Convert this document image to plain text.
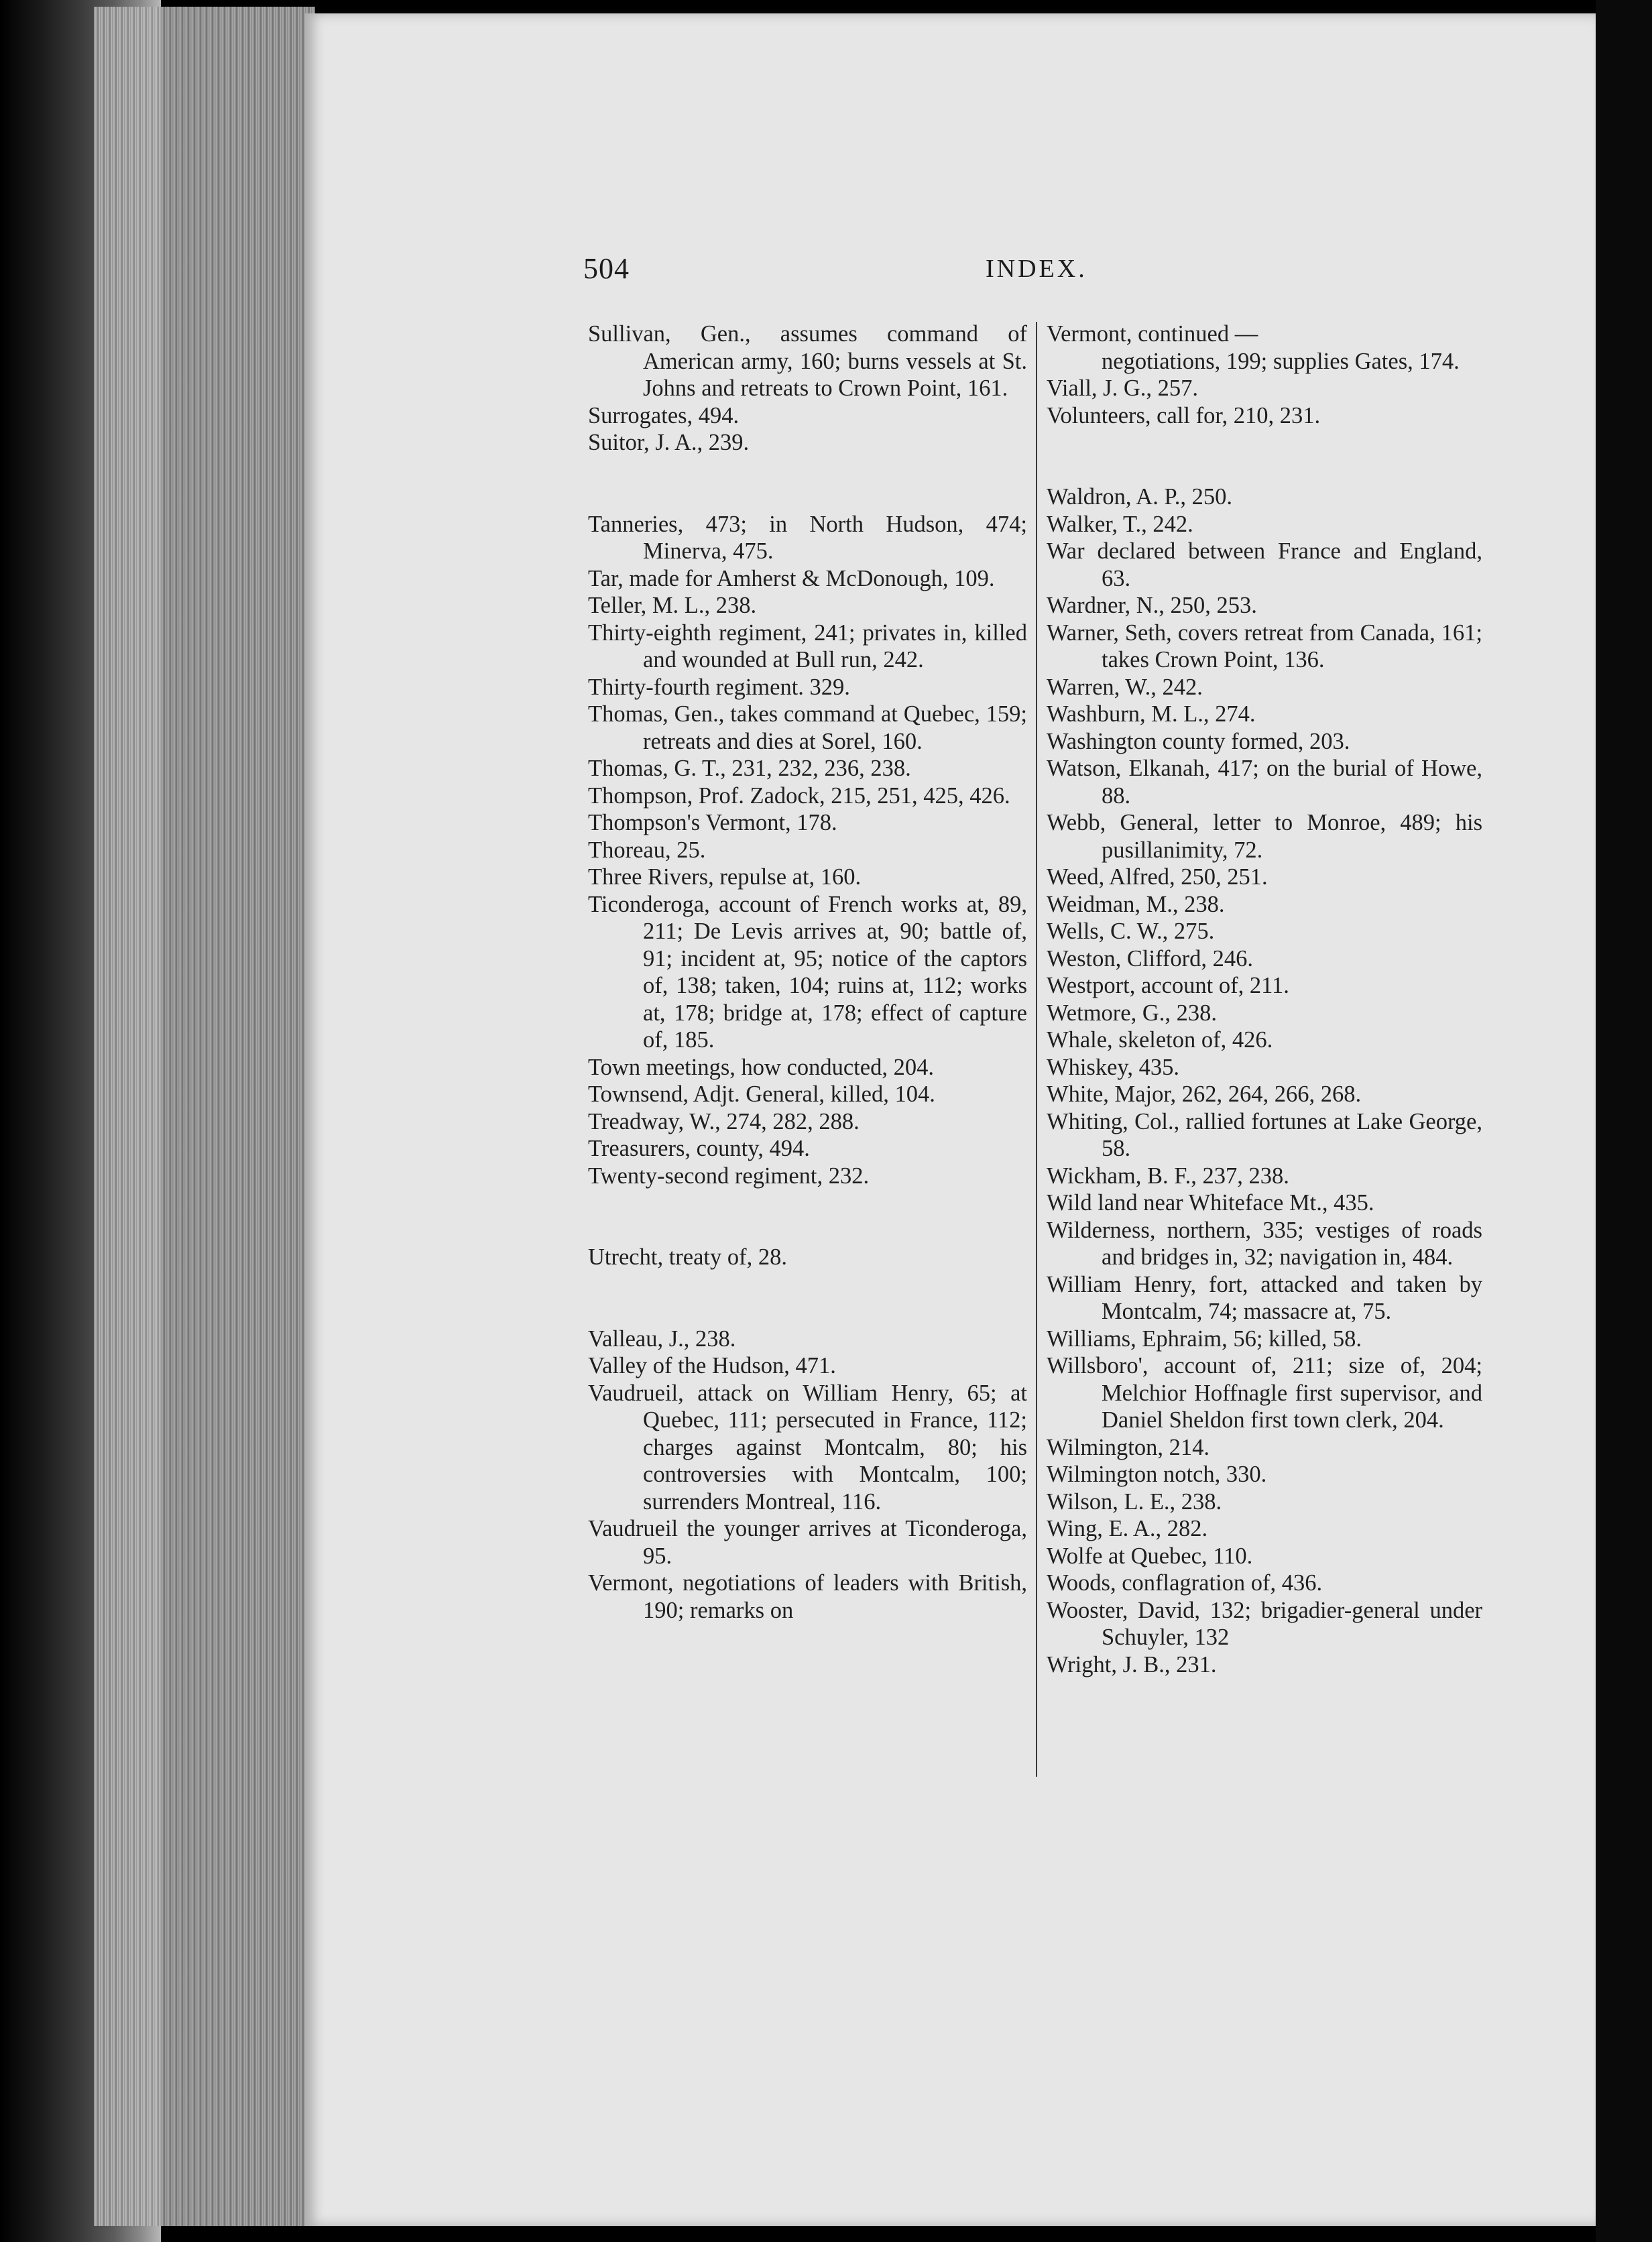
504	INDEX.

Sullivan, Gen., assumes command of American army, 160; burns vessels at St. Johns and retreats to Crown Point, 161.

Surrogates, 494.

Suitor, J. A., 239.

Tanneries, 473; in North Hudson, 474; Minerva, 475.

Tar, made for Amherst & McDonough, 109.

Teller, M. L., 238.

Thirty-eighth regiment, 241; privates in, killed and wounded at Bull run, 242.

Thirty-fourth regiment. 329.

Thomas, Gen., takes command at Quebec, 159; retreats and dies at Sorel, 160.

Thomas, G. T., 231, 232, 236, 238.

Thompson, Prof. Zadock, 215, 251, 425, 426.

Thompson's Vermont, 178.

Thoreau, 25.

Three Rivers, repulse at, 160.

Ticonderoga, account of French works at, 89, 211; De Levis arrives at, 90; battle of, 91; incident at, 95; notice of the captors of, 138; taken, 104; ruins at, 112; works at, 178; bridge at, 178; effect of capture of, 185.

Town meetings, how conducted, 204.

Townsend, Adjt. General, killed, 104.

Treadway, W., 274, 282, 288.

Treasurers, county, 494.

Twenty-second regiment, 232.

Utrecht, treaty of, 28.

Valleau, J., 238.

Valley of the Hudson, 471.

Vaudrueil, attack on William Henry, 65; at Quebec, 111; persecuted in France, 112; charges against Montcalm, 80; his controversies with Montcalm, 100; surrenders Montreal, 116.

Vaudrueil the younger arrives at Ticonderoga, 95.

Vermont, negotiations of leaders with British, 190; remarks on

Vermont, continued —

negotiations, 199; supplies Gates, 174.

Viall, J. G., 257.

Volunteers, call for, 210, 231.

Waldron, A. P., 250.

Walker, T., 242.

War declared between France and England, 63.

Wardner, N., 250, 253.

Warner, Seth, covers retreat from Canada, 161; takes Crown Point, 136.

Warren, W., 242.

Washburn, M. L., 274.

Washington county formed, 203.

Watson, Elkanah, 417; on the burial of Howe, 88.

Webb, General, letter to Monroe, 489; his pusillanimity, 72.

Weed, Alfred, 250, 251.

Weidman, M., 238.

Wells, C. W., 275.

Weston, Clifford, 246.

Westport, account of, 211.

Wetmore, G., 238.

Whale, skeleton of, 426.

Whiskey, 435.

White, Major, 262, 264, 266, 268.

Whiting, Col., rallied fortunes at Lake George, 58.

Wickham, B. F., 237, 238.

Wild land near Whiteface Mt., 435.

Wilderness, northern, 335; vestiges of roads and bridges in, 32; navigation in, 484.

William Henry, fort, attacked and taken by Montcalm, 74; massacre at, 75.

Williams, Ephraim, 56; killed, 58.

Willsboro', account of, 211; size of, 204; Melchior Hoffnagle first supervisor, and Daniel Sheldon first town clerk, 204.

Wilmington, 214.

Wilmington notch, 330.

Wilson, L. E., 238.

Wing, E. A., 282.

Wolfe at Quebec, 110.

Woods, conflagration of, 436.

Wooster, David, 132; brigadier-general under Schuyler, 132

Wright, J. B., 231.
